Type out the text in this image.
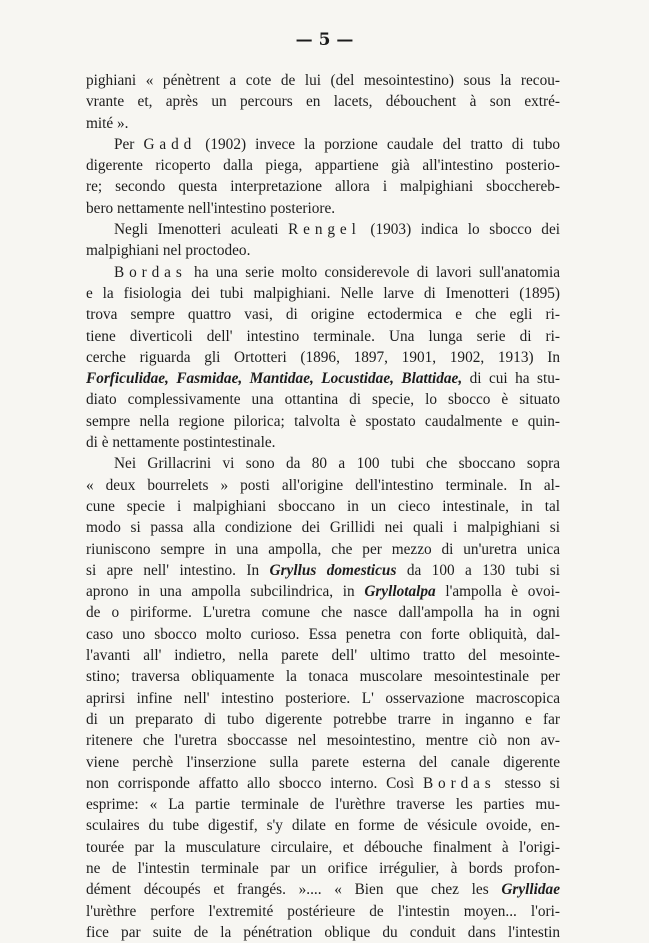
— 5 —
pighiani « pénètrent a cote de lui (del mesointestino) sous la recou-
vrante et, après un percours en lacets, débouchent à son extré-
mité ».
Per Gadd (1902) invece la porzione caudale del tratto di tubo
digerente ricoperto dalla piega, appartiene già all'intestino posterio-
re; secondo questa interpretazione allora i malpighiani sboccherеb-
bero nettamente nell'intestino posteriore.
Negli Imenotteri aculeati Rengel (1903) indica lo sbocco dei
malpighiani nel proctodeo.
Bordas ha una serie molto considerevole di lavori sull'anatomia
e la fisiologia dei tubi malpighiani. Nelle larve di Imenotteri (1895)
trova sempre quattro vasi, di origine ectodermica e che egli ri-
tiene diverticoli dell' intestino terminale. Una lunga serie di ri-
cerche riguarda gli Ortotteri (1896, 1897, 1901, 1902, 1913) In
Forficulidae, Fasmidae, Mantidae, Locustidae, Blattidae, di cui ha stu-
diato complessivamente una ottantina di specie, lo sbocco è situato
sempre nella regione pilorica; talvolta è spostato caudalmente e quin-
di è nettamente postintestinale.
Nei Grillacrini vi sono da 80 a 100 tubi che sboccano sopra
« deux bourrelets » posti all'origine dell'intestino terminale. In al-
cune specie i malpighiani sboccano in un cieco intestinale, in tal
modo si passa alla condizione dei Grillidi nei quali i malpighiani si
riuniscono sempre in una ampolla, che per mezzo di un'uretra unica
si apre nell' intestino. In Gryllus domesticus da 100 a 130 tubi si
aprono in una ampolla subcilindrica, in Gryllotalpa l'ampolla è ovoi-
de o piriforme. L'uretra comune che nasce dall'ampolla ha in ogni
caso uno sbocco molto curioso. Essa penetra con forte obliquità, dal-
l'avanti all' indietro, nella parete dell' ultimo tratto del mesointe-
stino; traversa obliquamente la tonaca muscolare mesointestinale per
aprirsi infine nell' intestino posteriore. L' osservazione macroscopica
di un preparato di tubo digerente potrebbe trarre in inganno e far
ritenere che l'uretra sboccasse nel mesointestino, mentre ciò non av-
viene perchè l'inserzione sulla parete esterna del canale digerente
non corrisponde affatto allo sbocco interno. Così Bordas stesso si
esprime: « La partie terminale de l'urèthre traverse les parties mu-
sculaires du tube digestif, s'y dilate en forme de vésicule ovoide, en-
tourée par la musculature circulaire, et débouche finalment à l'origi-
ne de l'intestin terminale par un orifice irrégulier, à bords profon-
dément découpés et frangés. ».... « Bien que chez les Gryllidae
l'urèthre perfore l'extremité postérieure de l'intestin moyen... l'ori-
fice par suite de la pénétration oblique du conduit dans l'intestin
